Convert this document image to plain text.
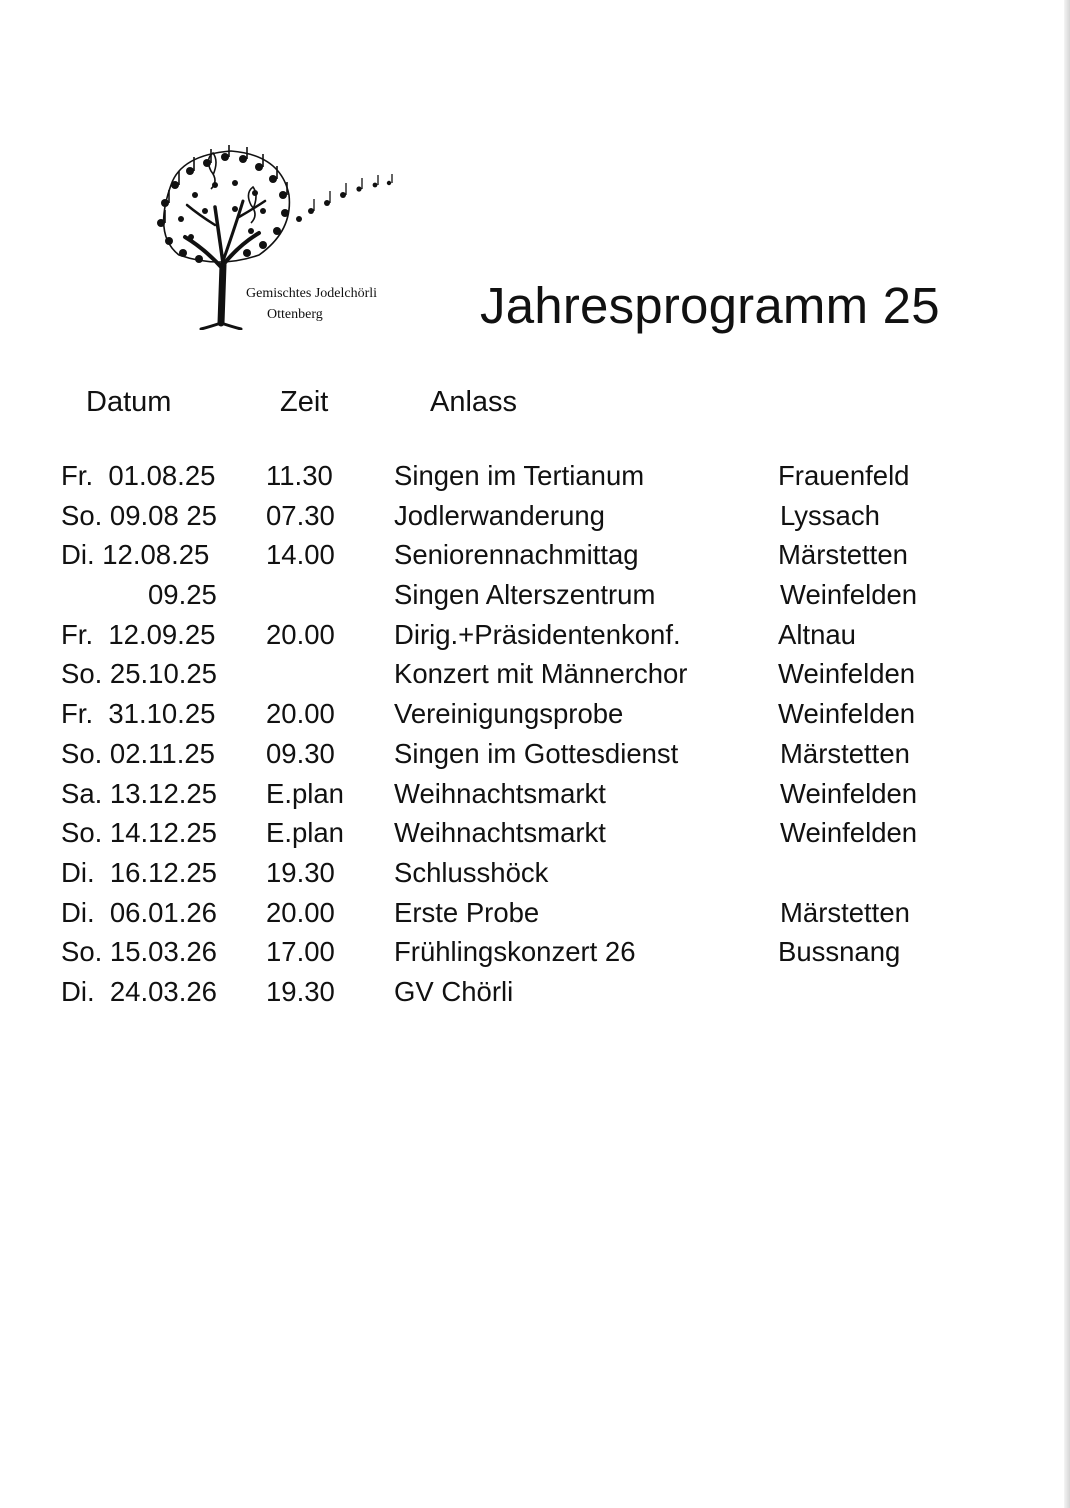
Gemischtes Jodelchörli
Ottenberg	Jahresprogramm 25
Datum	Zeit	Anlass
Fr.  01.08.25 11.30 Singen im Tertianum	Frauenfeld
So. 09.08 25 07.30 Jodlerwanderung	Lyssach
Di. 12.08.25 14.00 Seniorennachmittag	Märstetten
09.25	Singen Alterszentrum	Weinfelden
Fr.  12.09.25 20.00 Dirig.+Präsidentenkonf.	Altnau
So. 25.10.25	Konzert mit Männerchor	Weinfelden
Fr.  31.10.25 20.00 Vereinigungsprobe	Weinfelden
So. 02.11.25 09.30 Singen im Gottesdienst	Märstetten
Sa. 13.12.25 E.plan Weihnachtsmarkt	Weinfelden
So. 14.12.25 E.plan Weihnachtsmarkt	Weinfelden
Di.  16.12.25 19.30 Schlusshöck
Di.  06.01.26 20.00 Erste Probe	Märstetten
So. 15.03.26 17.00 Frühlingskonzert 26	Bussnang
Di.  24.03.26 19.30 GV Chörli
